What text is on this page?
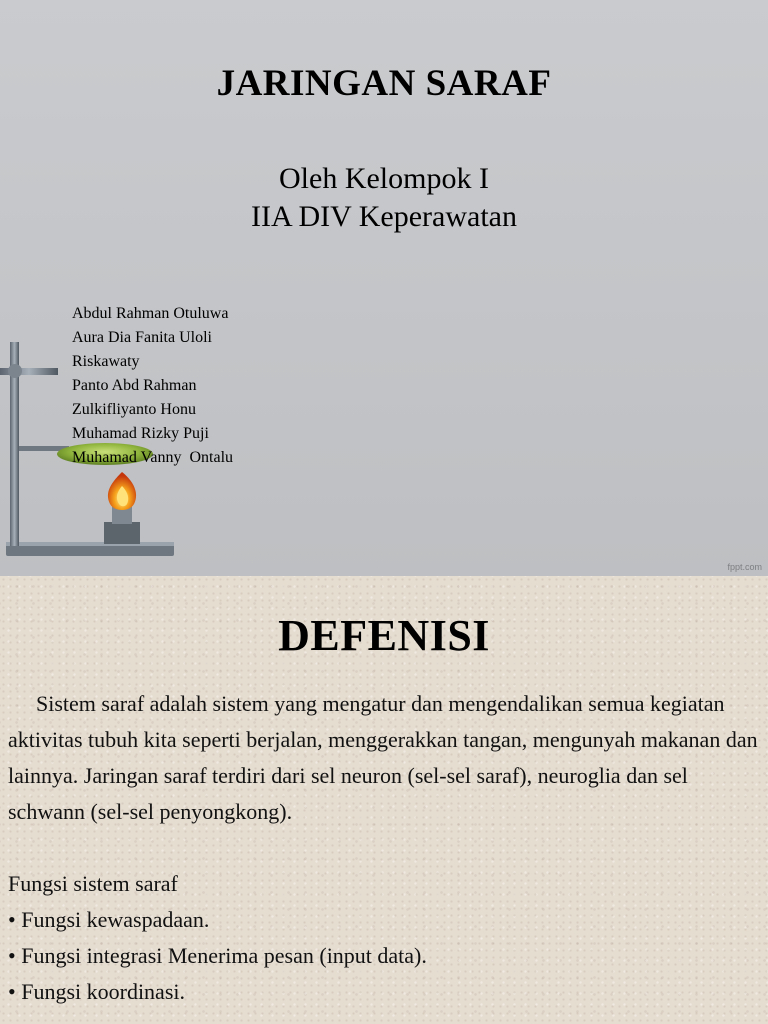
JARINGAN SARAF
Oleh Kelompok I
IIA DIV Keperawatan
Abdul Rahman Otuluwa
Aura Dia Fanita Uloli
Riskawaty
Panto Abd Rahman
Zulkifliyanto Honu
Muhamad Rizky Puji
Muhamad Vanny  Ontalu
fppt.com
DEFENISI

Sistem saraf adalah sistem yang mengatur dan mengendalikan semua kegiatan aktivitas tubuh kita seperti berjalan, menggerakkan tangan, mengunyah makanan dan lainnya. Jaringan saraf terdiri dari sel neuron (sel-sel saraf), neuroglia dan sel schwann (sel-sel penyongkong).

Fungsi sistem saraf

• Fungsi kewaspadaan.
• Fungsi integrasi Menerima pesan (input data).
• Fungsi koordinasi.
